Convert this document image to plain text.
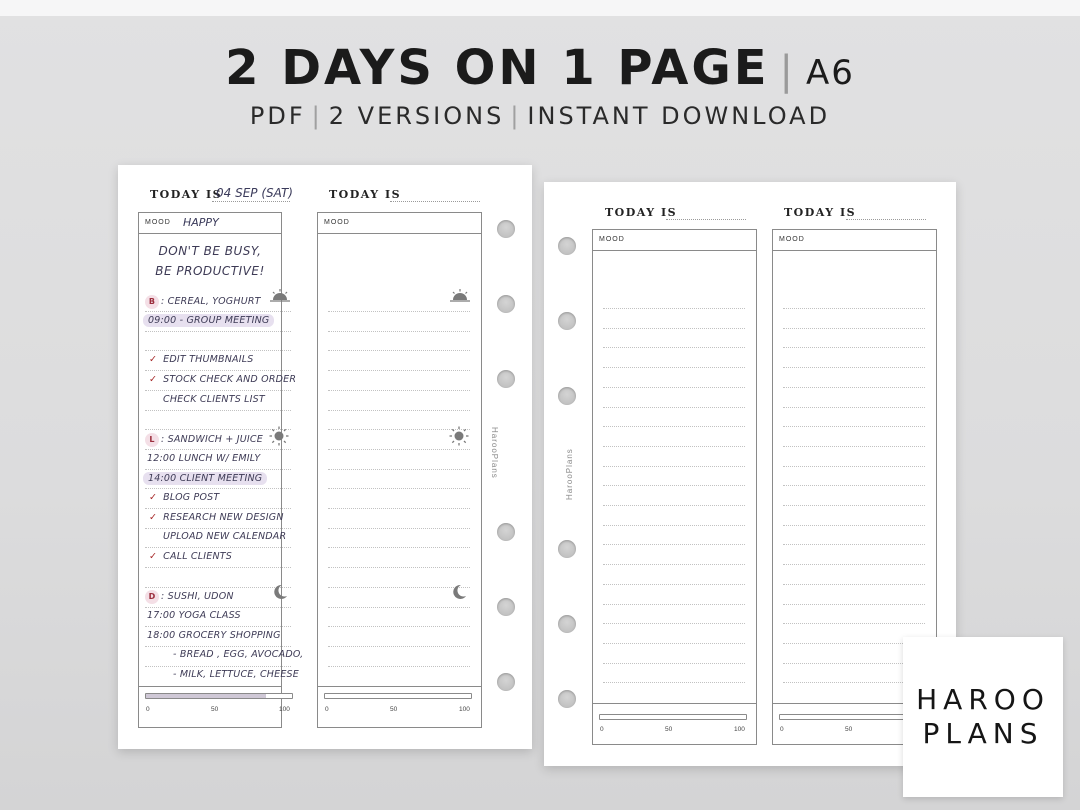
2 DAYS ON 1 PAGE | A6
PDF | 2 VERSIONS | INSTANT DOWNLOAD
TODAY IS
04 SEP (SAT)	TODAY IS
MOOD HAPPY
DON'T BE BUSY,
BE PRODUCTIVE!
B : CEREAL, YOGHURT
09:00 - GROUP MEETING
✓ EDIT THUMBNAILS
✓ STOCK CHECK AND ORDER
CHECK CLIENTS LIST
L : SANDWICH + JUICE
12:00 LUNCH W/ EMILY
14:00 CLIENT MEETING
✓ BLOG POST
✓ RESEARCH NEW DESIGN
UPLOAD NEW CALENDAR
✓ CALL CLIENTS
D : SUSHI, UDON
17:00 YOGA CLASS
18:00 GROCERY SHOPPING
- BREAD , EGG, AVOCADO,
- MILK, LETTUCE, CHEESE
0	50	100
MOOD
0	50	100
HarooPlans
TODAY IS	TODAY IS
MOOD
0	50	100
MOOD
0	50
HarooPlans
HAROO
PLANS
